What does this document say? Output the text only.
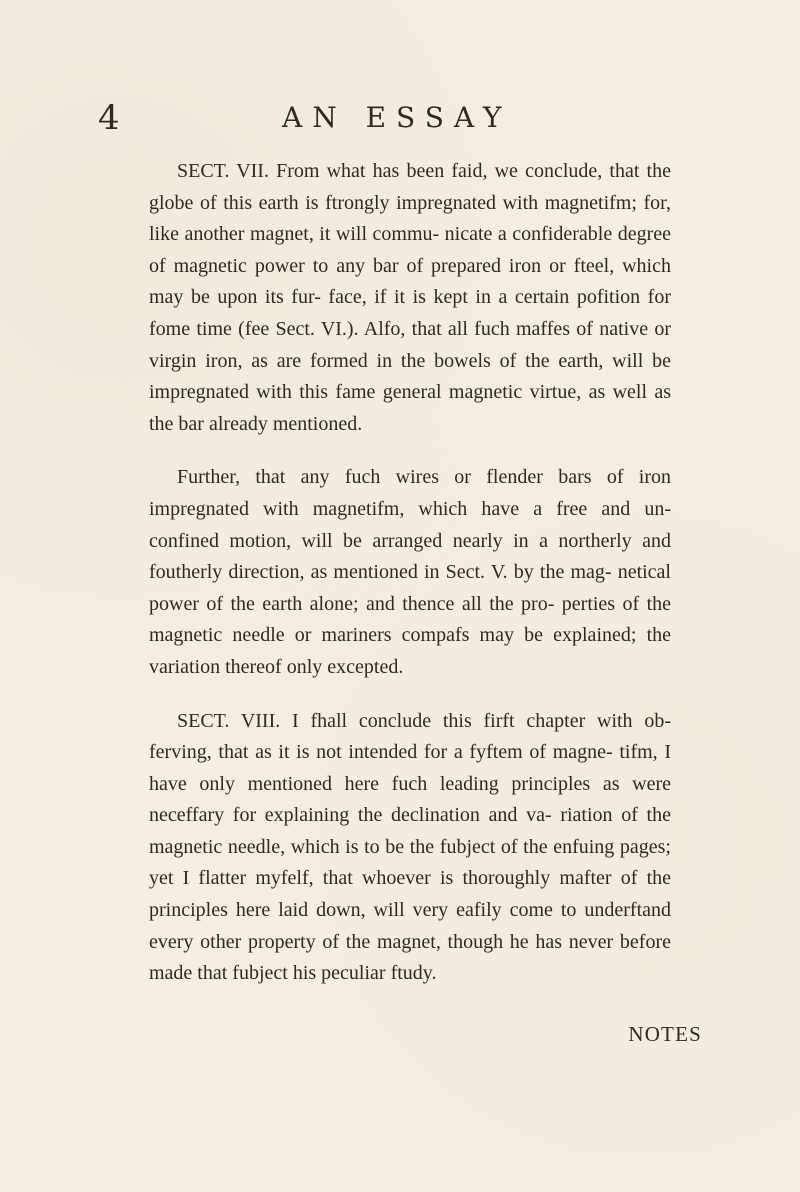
4	AN ESSAY

SECT. VII. From what has been faid, we conclude, that the globe of this earth is ftrongly impregnated with magnetifm; for, like another magnet, it will commu- nicate a confiderable degree of magnetic power to any bar of prepared iron or fteel, which may be upon its fur- face, if it is kept in a certain pofition for fome time (fee Sect. VI.). Alfo, that all fuch maffes of native or virgin iron, as are formed in the bowels of the earth, will be impregnated with this fame general magnetic virtue, as well as the bar already mentioned.

Further, that any fuch wires or flender bars of iron impregnated with magnetifm, which have a free and un- confined motion, will be arranged nearly in a northerly and foutherly direction, as mentioned in Sect. V. by the mag- netical power of the earth alone; and thence all the pro- perties of the magnetic needle or mariners compafs may be explained; the variation thereof only excepted.

SECT. VIII. I fhall conclude this firft chapter with ob- ferving, that as it is not intended for a fyftem of magne- tifm, I have only mentioned here fuch leading principles as were neceffary for explaining the declination and va- riation of the magnetic needle, which is to be the fubject of the enfuing pages; yet I flatter myfelf, that whoever is thoroughly mafter of the principles here laid down, will very eafily come to underftand every other property of the magnet, though he has never before made that fubject his peculiar ftudy.

NOTES
